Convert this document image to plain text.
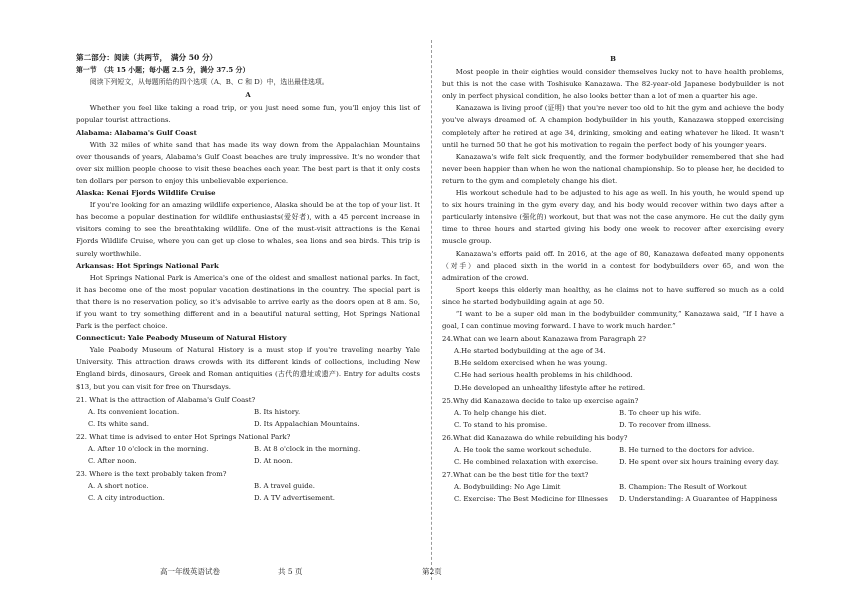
第二部分：阅读（共两节，　满分 50 分）

第一节　（共 15 小题；每小题 2.5 分，满分 37.5 分）

阅读下列短文，从每题所给的四个选项（A、B、C 和 D）中，选出最佳选项。

A

Whether you feel like taking a road trip, or you just need some fun, you'll enjoy this list of popular tourist attractions.

Alabama: Alabama's Gulf Coast

With 32 miles of white sand that has made its way down from the Appalachian Mountains over thousands of years, Alabama's Gulf Coast beaches are truly impressive. It's no wonder that over six million people choose to visit these beaches each year. The best part is that it only costs ten dollars per person to enjoy this unbelievable experience.

Alaska: Kenai Fjords Wildlife Cruise

If you're looking for an amazing wildlife experience, Alaska should be at the top of your list. It has become a popular destination for wildlife enthusiasts(爱好者), with a 45 percent increase in visitors coming to see the breathtaking wildlife. One of the must-visit attractions is the Kenai Fjords Wildlife Cruise, where you can get up close to whales, sea lions and sea birds. This trip is surely worthwhile.

Arkansas: Hot Springs National Park

Hot Springs National Park is America's one of the oldest and smallest national parks. In fact, it has become one of the most popular vacation destinations in the country. The special part is that there is no reservation policy, so it's advisable to arrive early as the doors open at 8 am. So, if you want to try something different and in a beautiful natural setting, Hot Springs National Park is the perfect choice.

Connecticut: Yale Peabody Museum of Natural History

Yale Peabody Museum of Natural History is a must stop if you're traveling nearby Yale University. This attraction draws crowds with its different kinds of collections, including New England birds, dinosaurs, Greek and Roman antiquities (古代的遗址或遗产). Entry for adults costs $13, but you can visit for free on Thursdays.

21. What is the attraction of Alabama's Gulf Coast?

A. Its convenient location.	B. Its history.
C. Its white sand.	D. Its Appalachian Mountains.

22. What time is advised to enter Hot Springs National Park?

A. After 10 o'clock in the morning.	B. At 8 o'clock in the morning.
C. After noon.	D. At noon.

23. Where is the text probably taken from?

A. A short notice.	B. A travel guide.
C. A city introduction.	D. A TV advertisement.

B

Most people in their eighties would consider themselves lucky not to have health problems, but this is not the case with Toshisuke Kanazawa. The 82-year-old Japanese bodybuilder is not only in perfect physical condition, he also looks better than a lot of men a quarter his age.

Kanazawa is living proof (证明) that you're never too old to hit the gym and achieve the body you've always dreamed of. A champion bodybuilder in his youth, Kanazawa stopped exercising completely after he retired at age 34, drinking, smoking and eating whatever he liked. It wasn't until he turned 50 that he got his motivation to regain the perfect body of his younger years.

Kanazawa's wife felt sick frequently, and the former bodybuilder remembered that she had never been happier than when he won the national championship. So to please her, he decided to return to the gym and completely change his diet.

His workout schedule had to be adjusted to his age as well. In his youth, he would spend up to six hours training in the gym every day, and his body would recover within two days after a particularly intensive (强化的) workout, but that was not the case anymore. He cut the daily gym time to three hours and started giving his body one week to recover after exercising every muscle group.

Kanazawa's efforts paid off. In 2016, at the age of 80, Kanazawa defeated many opponents（对手）and placed sixth in the world in a contest for bodybuilders over 65, and won the admiration of the crowd.

Sport keeps this elderly man healthy, as he claims not to have suffered so much as a cold since he started bodybuilding again at age 50.

“I want to be a super old man in the bodybuilder community,” Kanazawa said, “If I have a goal, I can continue moving forward. I have to work much harder.”

24.What can we learn about Kanazawa from Paragraph 2?

A.He started bodybuilding at the age of 34.
B.He seldom exercised when he was young.
C.He had serious health problems in his childhood.
D.He developed an unhealthy lifestyle after he retired.

25.Why did Kanazawa decide to take up exercise again?

A. To help change his diet.	B. To cheer up his wife.
C. To stand to his promise.	D. To recover from illness.

26.What did Kanazawa do while rebuilding his body?

A. He took the same workout schedule.	B. He turned to the doctors for advice.
C. He combined relaxation with exercise.	D. He spent over six hours training every day.

27.What can be the best title for the text?

A. Bodybuilding: No Age Limit	B. Champion: The Result of Workout
C. Exercise: The Best Medicine for Illnesses	D. Understanding: A Guarantee of Happiness
高一年级英语试卷	共 5 页	第2页
